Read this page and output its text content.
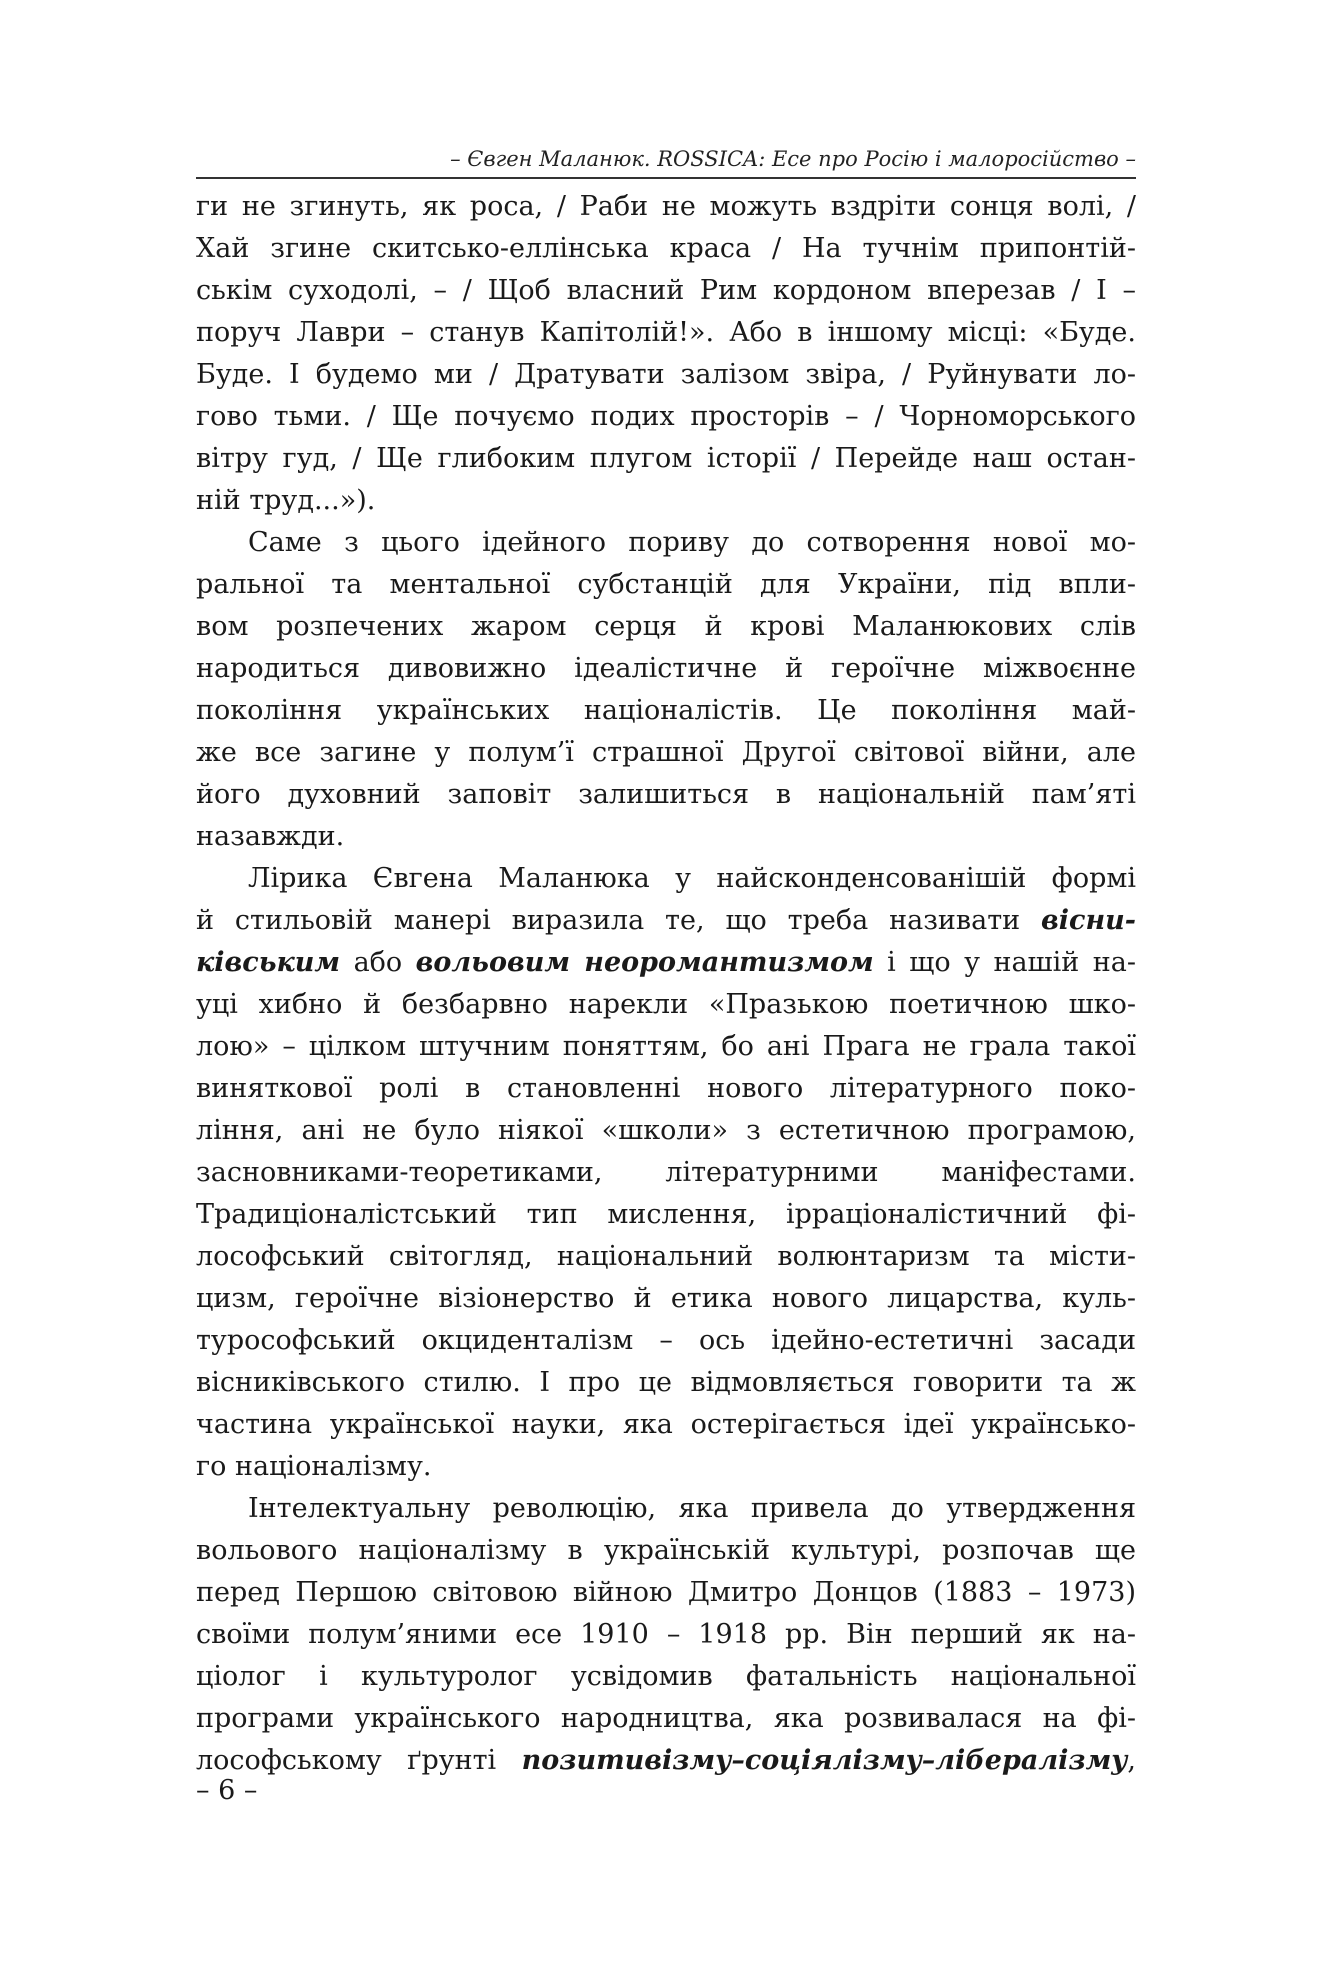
– Євген Маланюк. ROSSICA: Есе про Росію і малоросійство –
ги не згинуть, як роса, / Раби не можуть вздріти сонця волі, /
Хай згине скитсько-еллінська краса / На тучнім припонтій-
ськім суходолі, – / Щоб власний Рим кордоном вперезав / І –
поруч Лаври – станув Капітолій!». Або в іншому місці: «Буде.
Буде. І будемо ми / Дратувати залізом звіра, / Руйнувати ло-
гово тьми. / Ще почуємо подих просторів – / Чорноморського
вітру гуд, / Ще глибоким плугом історії / Перейде наш остан-
ній труд...»).
Саме з цього ідейного пориву до сотворення нової мо-
ральної та ментальної субстанцій для України, під впли-
вом розпечених жаром серця й крові Маланюкових слів
народиться дивовижно ідеалістичне й героїчне міжвоєнне
покоління українських націоналістів. Це покоління май-
же все загине у полум’ї страшної Другої світової війни, але
його духовний заповіт залишиться в національній пам’яті
назавжди.
Лірика Євгена Маланюка у найсконденсованішій формі
й стильовій манері виразила те, що треба називати вісни-
ківським або вольовим неоромантизмом і що у нашій на-
уці хибно й безбарвно нарекли «Празькою поетичною шко-
лою» – цілком штучним поняттям, бо ані Прага не грала такої
виняткової ролі в становленні нового літературного поко-
ління, ані не було ніякої «школи» з естетичною програмою,
засновниками-теоретиками, літературними маніфестами.
Традиціоналістський тип мислення, ірраціоналістичний фі-
лософський світогляд, національний волюнтаризм та місти-
цизм, героїчне візіонерство й етика нового лицарства, куль-
турософський окциденталізм – ось ідейно-естетичні засади
вісниківського стилю. І про це відмовляється говорити та ж
частина української науки, яка остерігається ідеї українсько-
го націоналізму.
Інтелектуальну революцію, яка привела до утвердження
вольового націоналізму в українській культурі, розпочав ще
перед Першою світовою війною Дмитро Донцов (1883 – 1973)
своїми полум’яними есе 1910 – 1918 рр. Він перший як на-
ціолог і культуролог усвідомив фатальність національної
програми українського народництва, яка розвивалася на фі-
лософському ґрунті позитивізму–соціялізму–лібералізму,
– 6 –
